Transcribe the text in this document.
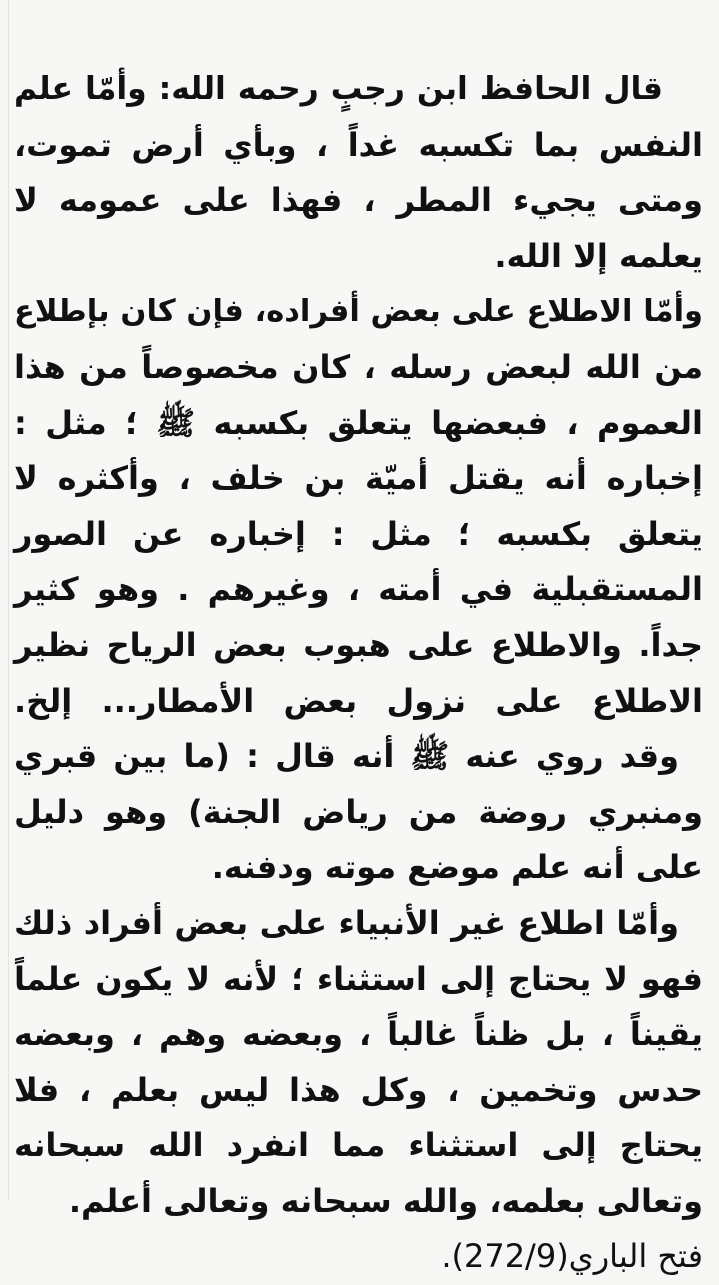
قال الحافظ ابن رجبٍ رحمه الله: وأمّا علم
النفس بما تكسبه غداً ، وبأي أرض تموت،
ومتى يجيء المطر ، فهذا على عمومه لا
يعلمه إلا الله.
وأمّا الاطلاع على بعض أفراده، فإن كان بإطلاع
من الله لبعض رسله ، كان مخصوصاً من هذا
العموم ، فبعضها يتعلق بكسبه ﷺ ؛ مثل :
إخباره أنه يقتل أميّة بن خلف ، وأكثره لا
يتعلق بكسبه ؛ مثل : إخباره عن الصور
المستقبلية في أمته ، وغيرهم . وهو كثير
جداً. والاطلاع على هبوب بعض الرياح نظير
الاطلاع على نزول بعض الأمطار... إلخ.
وقد روي عنه ﷺ أنه قال : (ما بين قبري
ومنبري روضة من رياض الجنة) وهو دليل
على أنه علم موضع موته ودفنه.
وأمّا اطلاع غير الأنبياء على بعض أفراد ذلك
فهو لا يحتاج إلى استثناء ؛ لأنه لا يكون علماً
يقيناً ، بل ظناً غالباً ، وبعضه وهم ، وبعضه
حدس وتخمين ، وكل هذا ليس بعلم ، فلا
يحتاج إلى استثناء مما انفرد الله سبحانه
وتعالى بعلمه، والله سبحانه وتعالى أعلم.
فتح الباري(272/9).
